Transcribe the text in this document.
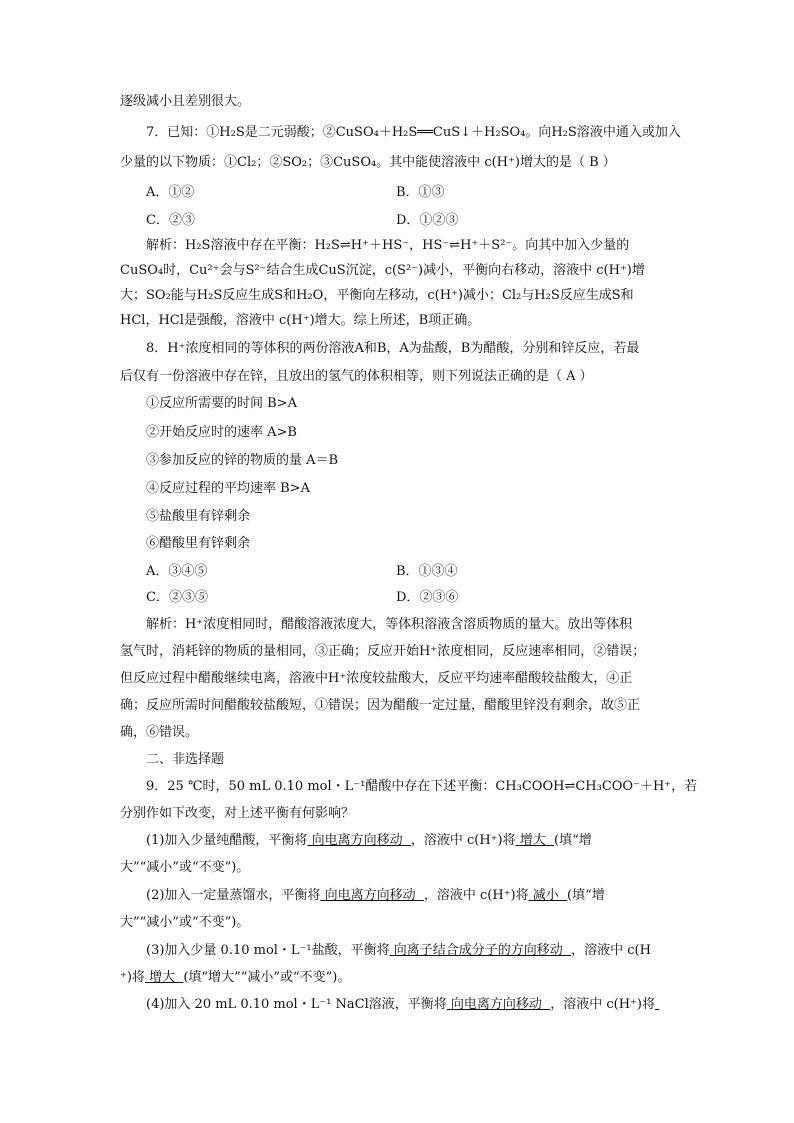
逐级减小且差别很大。
7．已知：①H₂S是二元弱酸；②CuSO₄＋H₂S══CuS↓＋H₂SO₄。向H₂S溶液中通入或加入
少量的以下物质：①Cl₂；②SO₂；③CuSO₄。其中能使溶液中 c(H⁺)增大的是（ B ）
A．①②	B．①③
C．②③	D．①②③
解析：H₂S溶液中存在平衡：H₂S⇌H⁺＋HS⁻，HS⁻⇌H⁺＋S²⁻。向其中加入少量的
CuSO₄时，Cu²⁺会与S²⁻结合生成CuS沉淀，c(S²⁻)减小，平衡向右移动，溶液中 c(H⁺)增
大；SO₂能与H₂S反应生成S和H₂O，平衡向左移动，c(H⁺)减小；Cl₂与H₂S反应生成S和
HCl，HCl是强酸，溶液中 c(H⁺)增大。综上所述，B项正确。
8．H⁺浓度相同的等体积的两份溶液A和B，A为盐酸，B为醋酸，分别和锌反应，若最
后仅有一份溶液中存在锌，且放出的氢气的体积相等，则下列说法正确的是（ A ）
①反应所需要的时间 B>A
②开始反应时的速率 A>B
③参加反应的锌的物质的量 A＝B
④反应过程的平均速率 B>A
⑤盐酸里有锌剩余
⑥醋酸里有锌剩余
A．③④⑤	B．①③④
C．②③⑤	D．②③⑥
解析：H⁺浓度相同时，醋酸溶液浓度大，等体积溶液含溶质物质的量大。放出等体积
氢气时，消耗锌的物质的量相同，③正确；反应开始H⁺浓度相同，反应速率相同，②错误；
但反应过程中醋酸继续电离，溶液中H⁺浓度较盐酸大，反应平均速率醋酸较盐酸大，④正
确；反应所需时间醋酸较盐酸短，①错误；因为醋酸一定过量，醋酸里锌没有剩余，故⑤正
确，⑥错误。
二、非选择题
9．25 ℃时，50 mL 0.10 mol・L⁻¹醋酸中存在下述平衡：CH₃COOH⇌CH₃COO⁻＋H⁺，若
分别作如下改变，对上述平衡有何影响？
(1)加入少量纯醋酸，平衡将 向电离方向移动 ，溶液中 c(H⁺)将 增大 (填“增
大”“减小”或“不变”)。
(2)加入一定量蒸馏水，平衡将 向电离方向移动 ，溶液中 c(H⁺)将 减小 (填“增
大”“减小”或“不变”)。
(3)加入少量 0.10 mol・L⁻¹盐酸，平衡将 向离子结合成分子的方向移动 ，溶液中 c(H
⁺)将 增大 (填“增大”“减小”或“不变”)。
(4)加入 20 mL 0.10 mol・L⁻¹ NaCl溶液，平衡将 向电离方向移动 ，溶液中 c(H⁺)将
